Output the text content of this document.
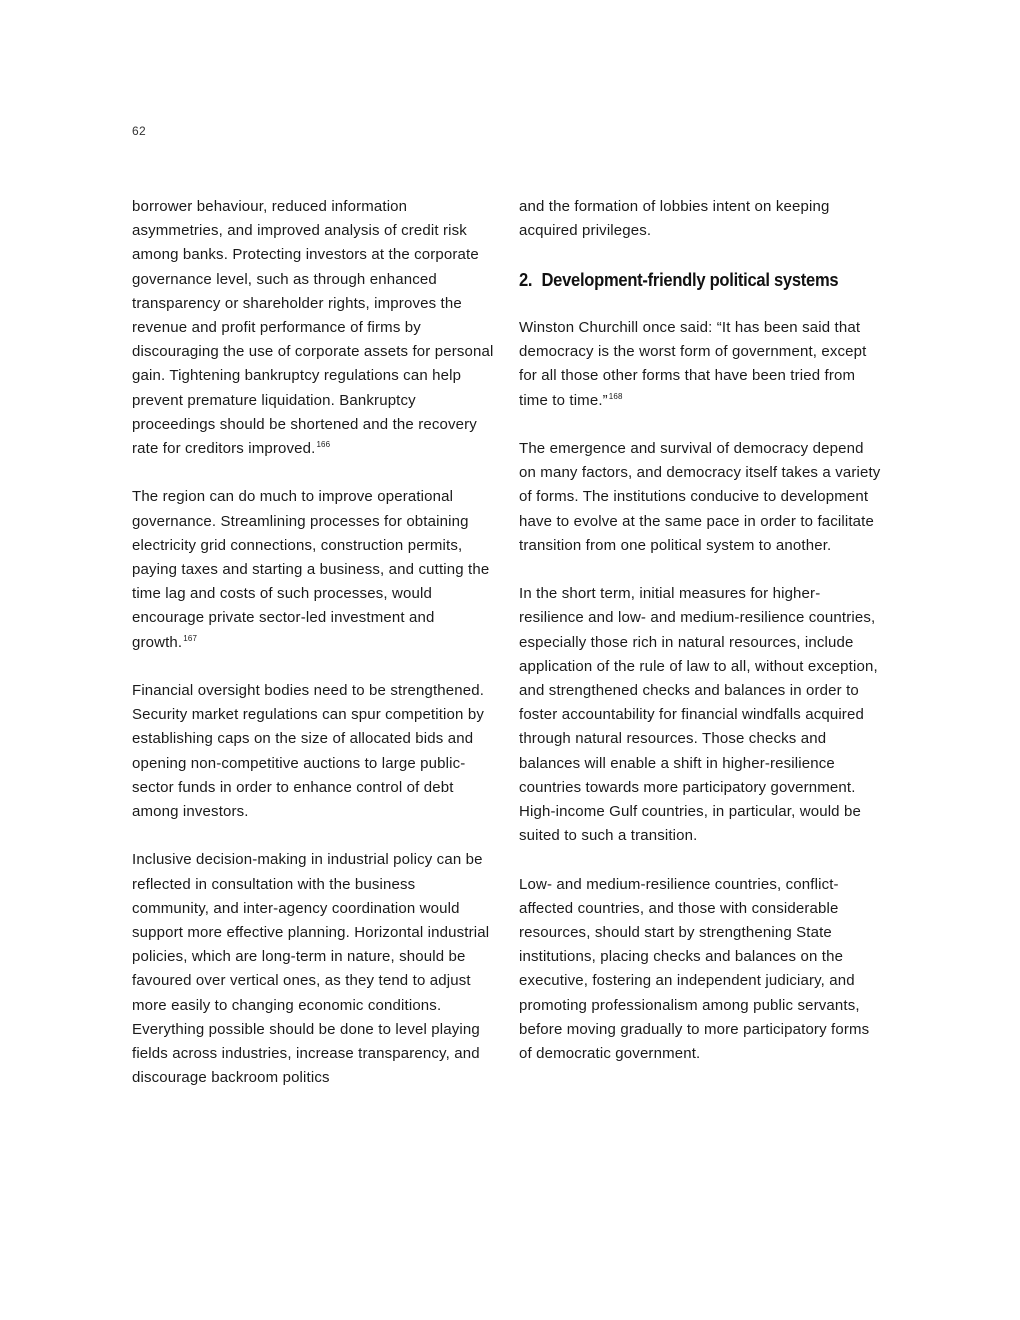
62

borrower behaviour, reduced information asymmetries, and improved analysis of credit risk among banks. Protecting investors at the corporate governance level, such as through enhanced transparency or shareholder rights, improves the revenue and profit performance of firms by discouraging the use of corporate assets for personal gain. Tightening bankruptcy regulations can help prevent premature liquidation. Bankruptcy proceedings should be shortened and the recovery rate for creditors improved.$^{166}$

The region can do much to improve operational governance. Streamlining processes for obtaining electricity grid connections, construction permits, paying taxes and starting a business, and cutting the time lag and costs of such processes, would encourage private sector-led investment and growth.$^{167}$

Financial oversight bodies need to be strengthened. Security market regulations can spur competition by establishing caps on the size of allocated bids and opening non-competitive auctions to large public-sector funds in order to enhance control of debt among investors.

Inclusive decision-making in industrial policy can be reflected in consultation with the business community, and inter-agency coordination would support more effective planning. Horizontal industrial policies, which are long-term in nature, should be favoured over vertical ones, as they tend to adjust more easily to changing economic conditions. Everything possible should be done to level playing fields across industries, increase transparency, and discourage backroom politics

and the formation of lobbies intent on keeping acquired privileges.

2. Development-friendly political systems

Winston Churchill once said: “It has been said that democracy is the worst form of government, except for all those other forms that have been tried from time to time.”$^{168}$

The emergence and survival of democracy depend on many factors, and democracy itself takes a variety of forms. The institutions conducive to development have to evolve at the same pace in order to facilitate transition from one political system to another.

In the short term, initial measures for higher-resilience and low- and medium-resilience countries, especially those rich in natural resources, include application of the rule of law to all, without exception, and strengthened checks and balances in order to foster accountability for financial windfalls acquired through natural resources. Those checks and balances will enable a shift in higher-resilience countries towards more participatory government. High-income Gulf countries, in particular, would be suited to such a transition.

Low- and medium-resilience countries, conflict-affected countries, and those with considerable resources, should start by strengthening State institutions, placing checks and balances on the executive, fostering an independent judiciary, and promoting professionalism among public servants, before moving gradually to more participatory forms of democratic government.
